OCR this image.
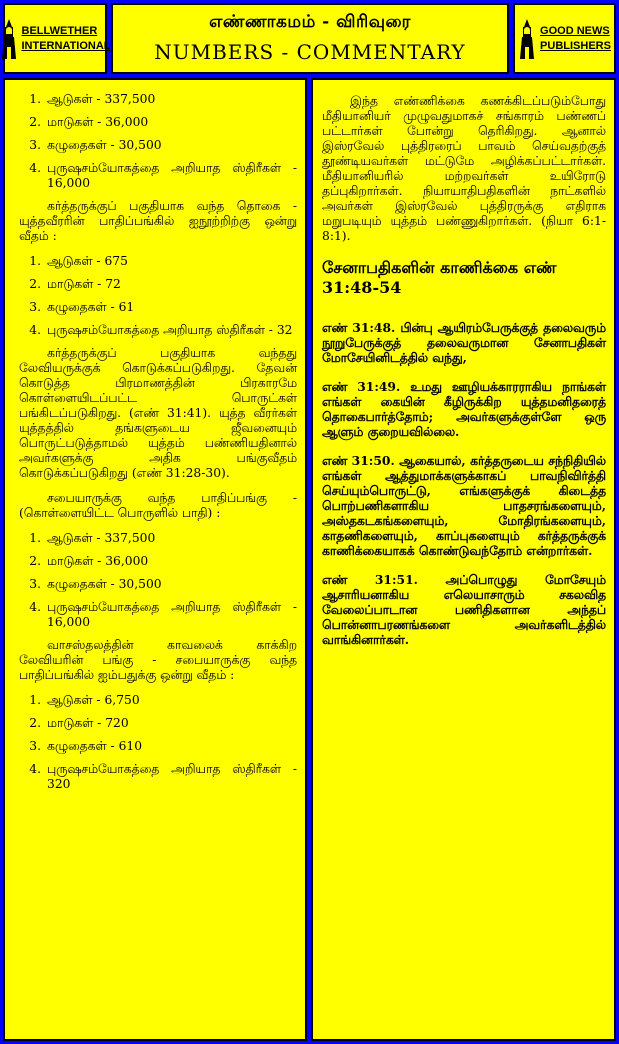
BELLWETHER
INTERNATIONAL
எண்ணாகமம் - விரிவுரை
NUMBERS - COMMENTARY
GOOD NEWS
PUBLISHERS
1. ஆடுகள் - 337,500
2. மாடுகள் - 36,000
3. கழுதைகள் - 30,500
4. புருஷசம்யோகத்தை அறியாத ஸ்திரீகள் - 16,000

கர்த்தருக்குப் பகுதியாக வந்த தொகை - யுத்தவீரரின் பாதிப்பங்கில் ஐநூற்றிற்கு ஒன்று வீதம் :

1. ஆடுகள் - 675
2. மாடுகள் - 72
3. கழுதைகள் - 61
4. புருஷசம்யோகத்தை அறியாத ஸ்திரீகள் - 32

கர்த்தருக்குப் பகுதியாக வந்தது லேவியருக்குக் கொடுக்கப்படுகிறது. தேவன் கொடுத்த பிரமாணத்தின் பிரகாரமே கொள்ளையிடப்பட்ட பொருட்கள் பங்கிடப்படுகிறது. (எண் 31:41). யுத்த வீரர்கள் யுத்தத்தில் தங்களுடைய ஜீவனையும் பொருட்படுத்தாமல் யுத்தம் பண்ணியதினால் அவர்களுக்கு அதிக பங்குவீதம் கொடுக்கப்படுகிறது (எண் 31:28-30).

சபையாருக்கு வந்த பாதிப்பங்கு - (கொள்ளையிட்ட பொருளில் பாதி) :

1. ஆடுகள் - 337,500
2. மாடுகள் - 36,000
3. கழுதைகள் - 30,500
4. புருஷசம்யோகத்தை அறியாத ஸ்திரீகள் - 16,000

வாசஸ்தலத்தின் காவலைக் காக்கிற லேவியரின் பங்கு - சபையாருக்கு வந்த பாதிப்பங்கில் ஐம்பதுக்கு ஒன்று வீதம் :

1. ஆடுகள் - 6,750
2. மாடுகள் - 720
3. கழுதைகள் - 610
4. புருஷசம்யோகத்தை அறியாத ஸ்திரீகள் - 320

இந்த எண்ணிக்கை கணக்கிடப்படும்போது மீதியானியர் முழுவதுமாகச் சங்காரம் பண்ணப் பட்டார்கள் போன்று தெரிகிறது. ஆனால் இஸ்ரவேல் புத்திரரைப் பாவம் செய்வதற்குத் தூண்டியவர்கள் மட்டுமே அழிக்கப்பட்டார்கள். மீதியானியரில் மற்றவர்கள் உயிரோடு தப்புகிறார்கள். நியாயாதிபதிகளின் நாட்களில் அவர்கள் இஸ்ரவேல் புத்திரருக்கு எதிராக மறுபடியும் யுத்தம் பண்ணுகிறார்கள். (நியா 6:1-8:1).

சேனாபதிகளின் காணிக்கை எண் 31:48-54

எண் 31:48. பின்பு ஆயிரம்பேருக்குத் தலைவரும் நூறுபேருக்குத் தலைவருமான சேனாபதிகள் மோசேயினிடத்தில் வந்து,

எண் 31:49. உமது ஊழியக்காரராகிய நாங்கள் எங்கள் கையின் கீழிருக்கிற யுத்தமனிதரைத் தொகைபார்த்தோம்; அவர்களுக்குள்ளே ஒரு ஆளும் குறையவில்லை.

எண் 31:50. ஆகையால், கர்த்தருடைய சந்நிதியில் எங்கள் ஆத்துமாக்களுக்காகப் பாவநிவிர்த்தி செய்யும்பொருட்டு, எங்களுக்குக் கிடைத்த பொற்பணிகளாகிய பாதசரங்களையும், அஸ்தகடகங்களையும், மோதிரங்களையும், காதணிகளையும், காப்புகளையும் கர்த்தருக்குக் காணிக்கையாகக் கொண்டுவந்தோம் என்றார்கள்.

எண் 31:51. அப்பொழுது மோசேயும் ஆசாரியனாகிய எலெயாசாரும் சகலவித வேலைப்பாடான பணிதிகளான அந்தப் பொன்னாபரணங்களை அவர்களிடத்தில் வாங்கினார்கள்.
